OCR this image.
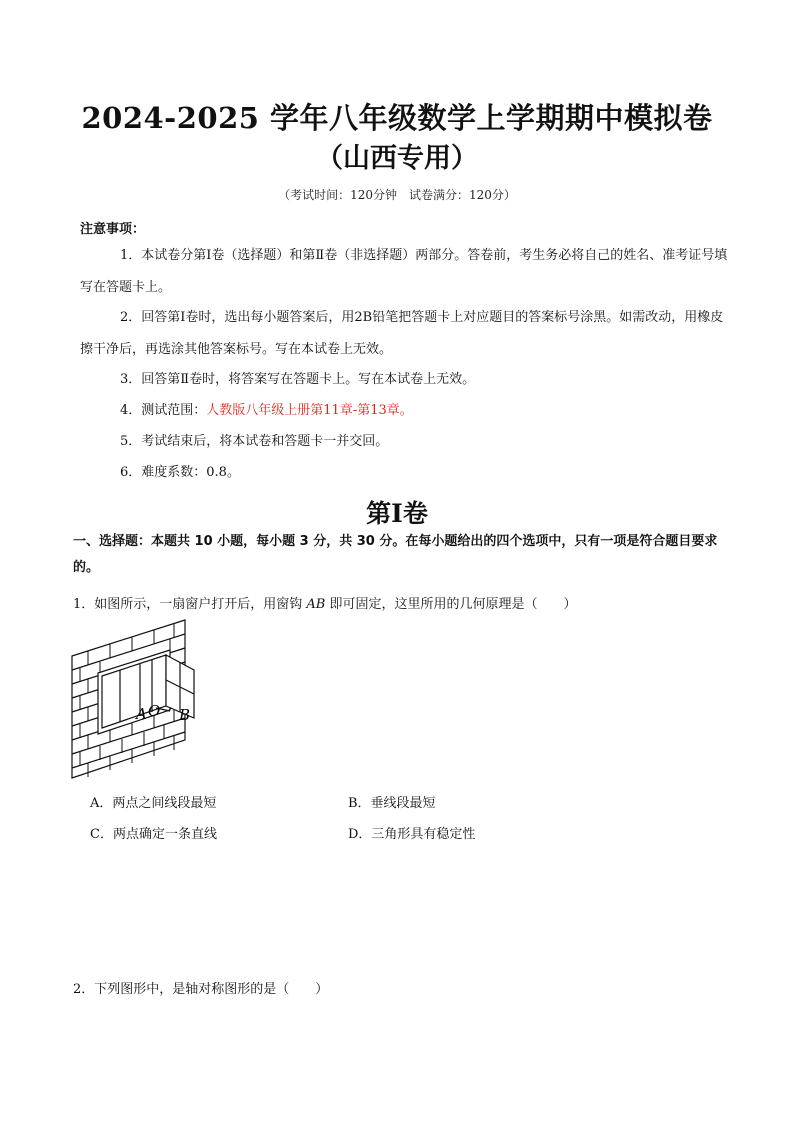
2024-2025 学年八年级数学上学期期中模拟卷
（山西专用）
（考试时间：120分钟　试卷满分：120分）
注意事项：
1．本试卷分第Ⅰ卷（选择题）和第Ⅱ卷（非选择题）两部分。答卷前，考生务必将自己的姓名、准考证号填写在答题卡上。
2．回答第Ⅰ卷时，选出每小题答案后，用2B铅笔把答题卡上对应题目的答案标号涂黑。如需改动，用橡皮擦干净后，再选涂其他答案标号。写在本试卷上无效。
3．回答第Ⅱ卷时，将答案写在答题卡上。写在本试卷上无效。
4．测试范围：人教版八年级上册第11章-第13章。
5．考试结束后，将本试卷和答题卡一并交回。
6．难度系数：0.8。
第Ⅰ卷
一、选择题：本题共 10 小题，每小题 3 分，共 30 分。在每小题给出的四个选项中，只有一项是符合题目要求的。
1．如图所示，一扇窗户打开后，用窗钩 AB 即可固定，这里所用的几何原理是（　　）
A O B
A．两点之间线段最短	B．垂线段最短
C．两点确定一条直线	D．三角形具有稳定性
2．下列图形中，是轴对称图形的是（　　）
